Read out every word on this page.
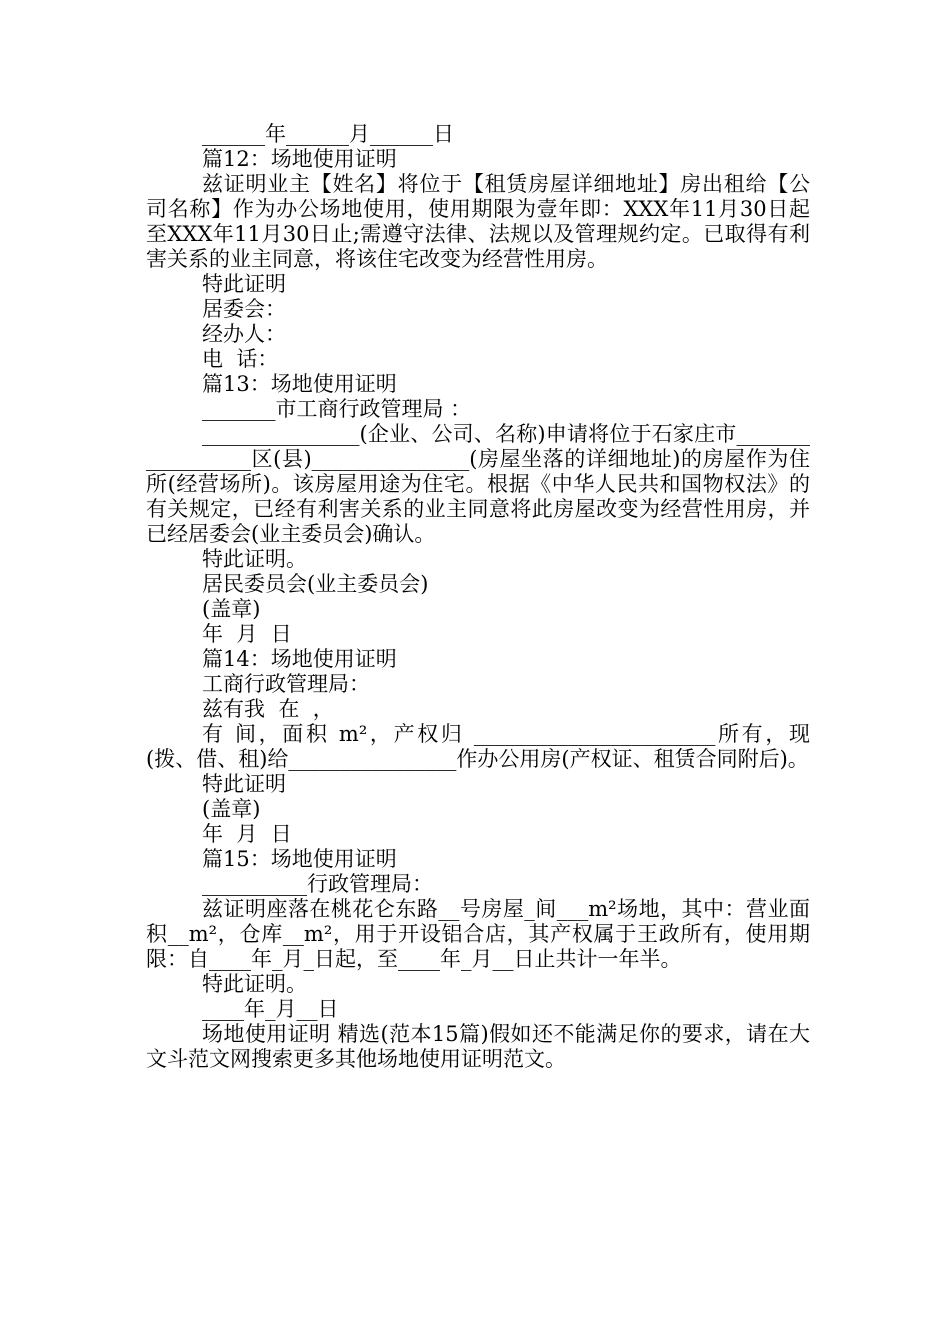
______年______月______日
篇12：场地使用证明

兹证明业主【姓名】将位于【租赁房屋详细地址】房出租给【公司名称】作为办公场地使用，使用期限为壹年即：XXX年11月30日起至XXX年11月30日止;需遵守法律、法规以及管理规约定。已取得有利害关系的业主同意，将该住宅改变为经营性用房。

特此证明
居委会：
经办人：
电  话：
篇13：场地使用证明
_______市工商行政管理局 ：

_______________(企业、公司、名称)申请将位于石家庄市_________________区(县)_______________(房屋坐落的详细地址)的房屋作为住所(经营场所)。该房屋用途为住宅。根据《中华人民共和国物权法》的有关规定，已经有利害关系的业主同意将此房屋改变为经营性用房，并已经居委会(业主委员会)确认。

特此证明。
居民委员会(业主委员会)
(盖章)
年  月  日
篇14：场地使用证明
工商行政管理局：
兹有我  在  ，

有 间，面积 m²，产权归 _______________________所有，现(拨、借、租)给________________作办公用房(产权证、租赁合同附后)。

特此证明
(盖章)
年  月  日
篇15：场地使用证明
__________行政管理局：

兹证明座落在桃花仑东路__号房屋_间___m²场地，其中：营业面积__m²，仓库__m²，用于开设铝合店，其产权属于王政所有，使用期限：自____年_月_日起，至____年_月__日止共计一年半。

特此证明。
____年_月__日

场地使用证明 精选(范本15篇)假如还不能满足你的要求，请在大文斗范文网搜索更多其他场地使用证明范文。
